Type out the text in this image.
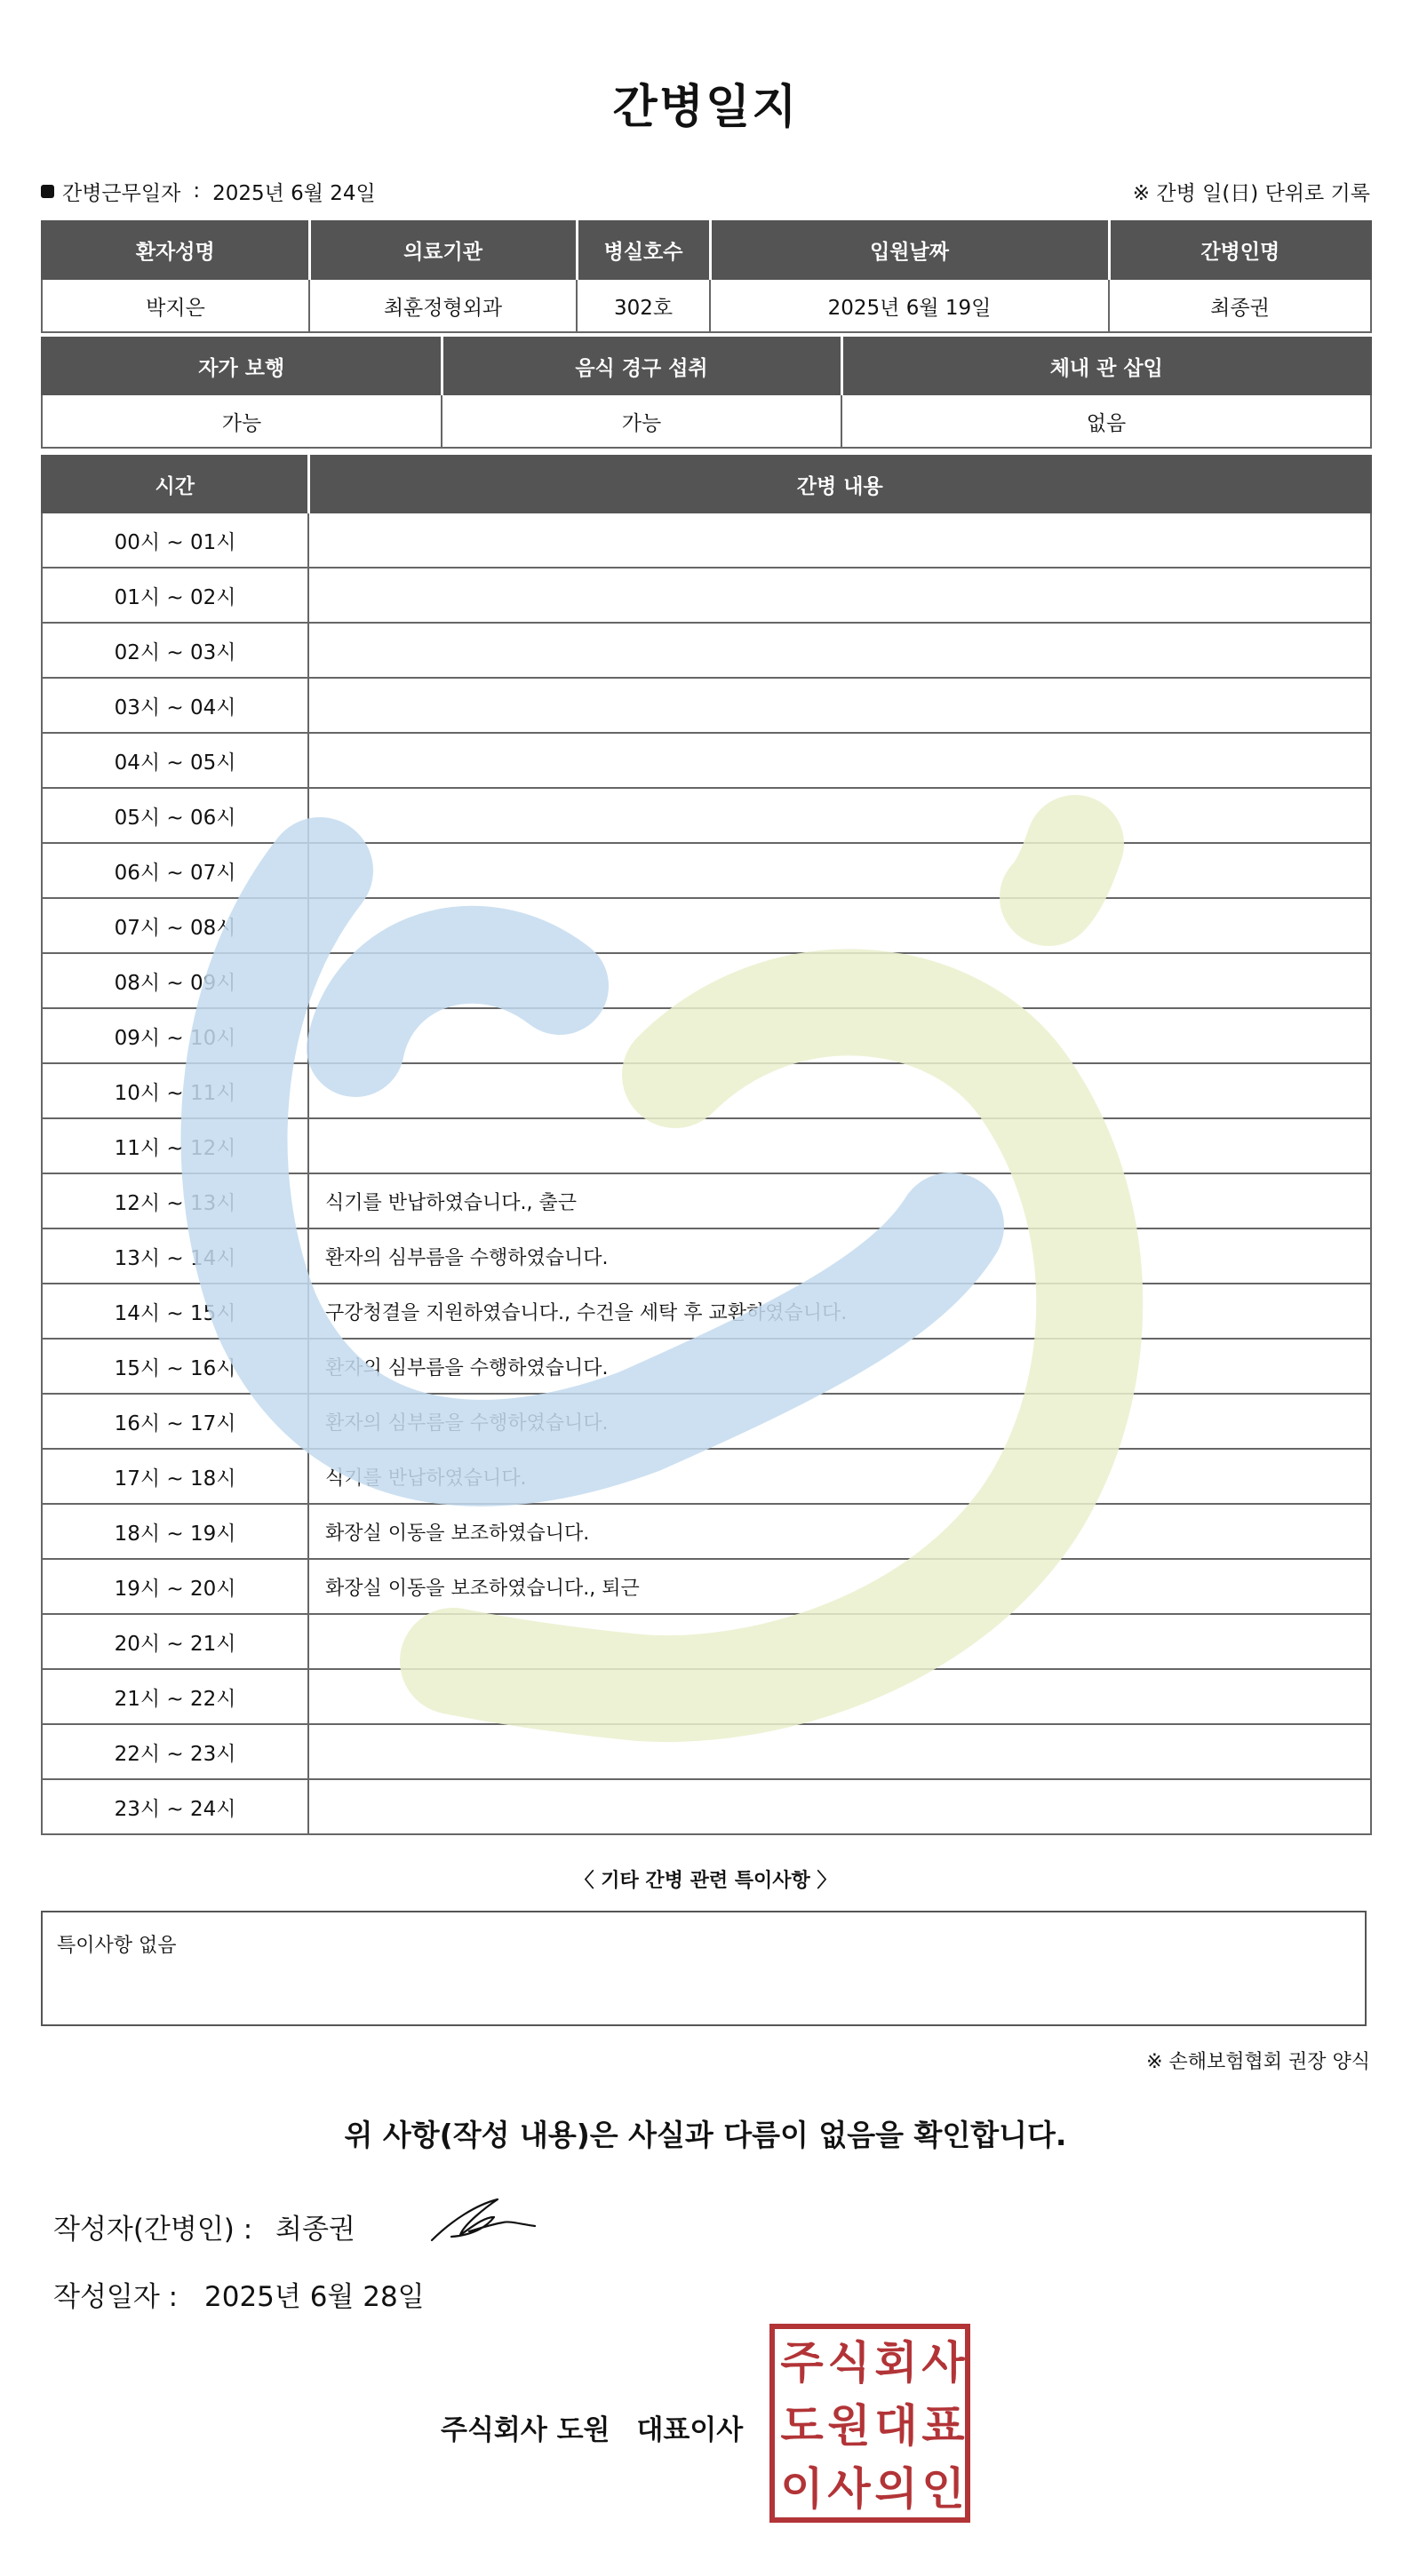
간병일지
간병근무일자 : 2025년 6월 24일	※ 간병 일(日) 단위로 기록
환자성명	의료기관	병실호수	입원날짜	간병인명
박지은	최훈정형외과	302호	2025년 6월 19일	최종권
자가 보행	음식 경구 섭취	체내 관 삽입
가능	가능	없음
시간	간병 내용
00시 ~ 01시	
01시 ~ 02시	
02시 ~ 03시	
03시 ~ 04시	
04시 ~ 05시	
05시 ~ 06시	
06시 ~ 07시	
07시 ~ 08시	
08시 ~ 09시	
09시 ~ 10시	
10시 ~ 11시	
11시 ~ 12시	
12시 ~ 13시	식기를 반납하였습니다., 출근
13시 ~ 14시	환자의 심부름을 수행하였습니다.
14시 ~ 15시	구강청결을 지원하였습니다., 수건을 세탁 후 교환하였습니다.
15시 ~ 16시	환자의 심부름을 수행하였습니다.
16시 ~ 17시	환자의 심부름을 수행하였습니다.
17시 ~ 18시	식기를 반납하였습니다.
18시 ~ 19시	화장실 이동을 보조하였습니다.
19시 ~ 20시	화장실 이동을 보조하였습니다., 퇴근
20시 ~ 21시	
21시 ~ 22시	
22시 ~ 23시	
23시 ~ 24시	
〈 기타 간병 관련 특이사항 〉
특이사항 없음
※ 손해보험협회 권장 양식
위 사항(작성 내용)은 사실과 다름이 없음을 확인합니다.
작성자(간병인) : 최종권
작성일자 : 2025년 6월 28일
주식회사 도원 대표이사
주 식 회 사
도 원 대 표
이 사 의 인
